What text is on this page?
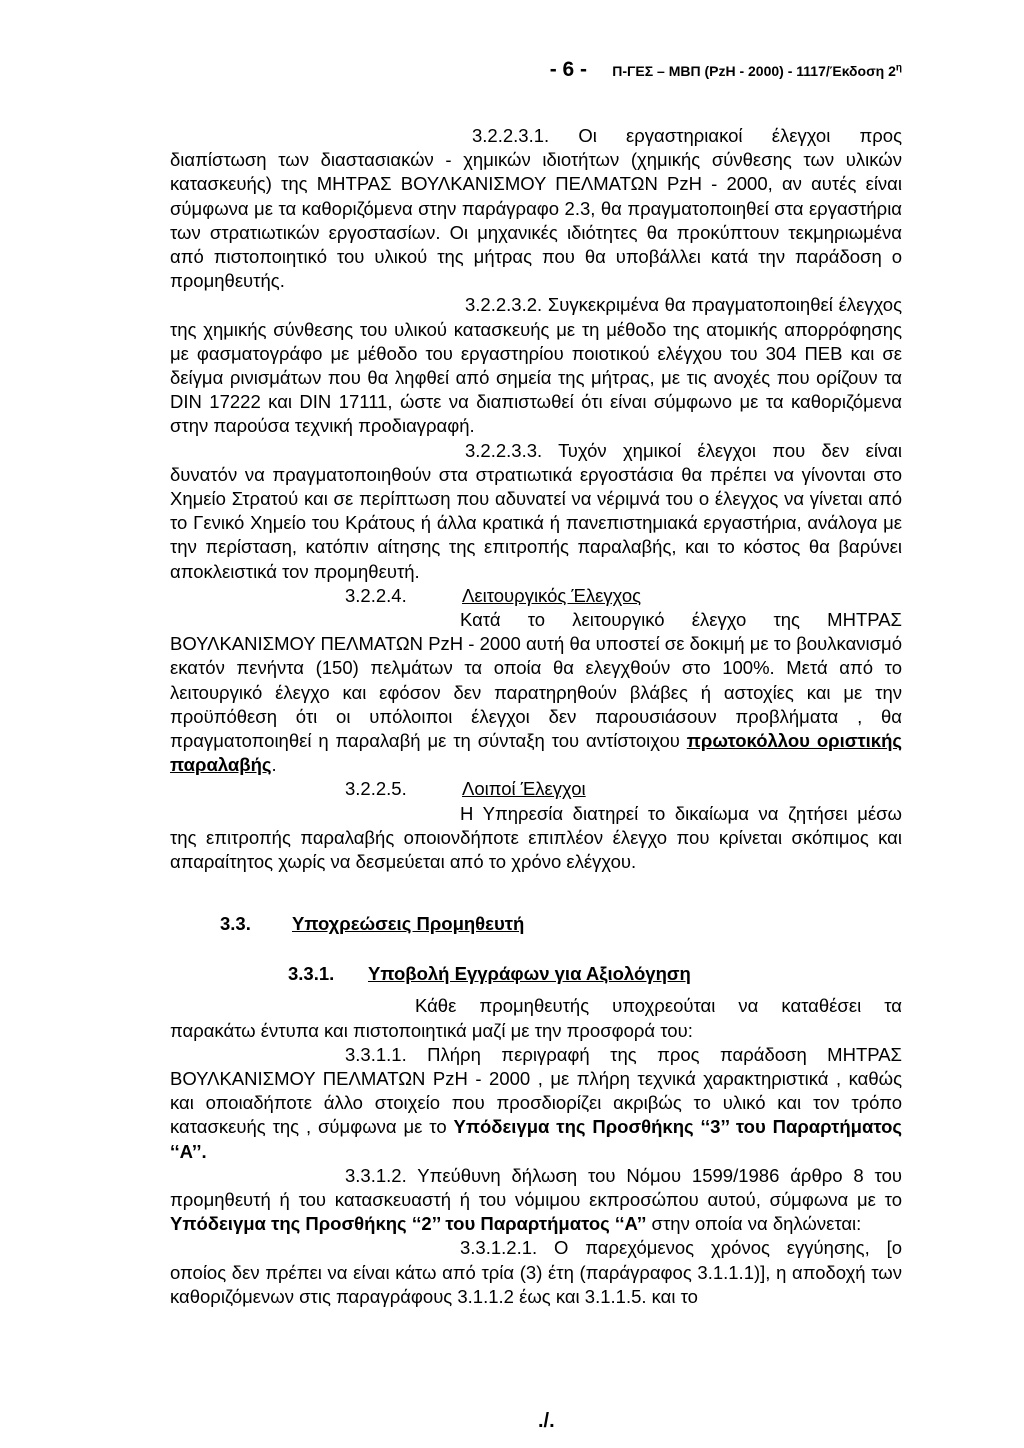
- 6 - Π-ΓΕΣ – ΜΒΠ (ΡzΗ - 2000) - 1117/Έκδοση $2^\eta$

3.2.2.3.1. Οι εργαστηριακοί έλεγχοι προς διαπίστωση των διαστασιακών - χημικών ιδιοτήτων (χημικής σύνθεσης των υλικών κατασκευής) της ΜΗΤΡΑΣ ΒΟΥΛΚΑΝΙΣΜΟΥ ΠΕΛΜΑΤΩΝ ΡzΗ - 2000, αν αυτές είναι σύμφωνα με τα καθοριζόμενα στην παράγραφο 2.3, θα πραγματοποιηθεί στα εργαστήρια των στρατιωτικών εργοστασίων. Οι μηχανικές ιδιότητες θα προκύπτουν τεκμηριωμένα από πιστοποιητικό του υλικού της μήτρας που θα υποβάλλει κατά την παράδοση ο προμηθευτής.

3.2.2.3.2. Συγκεκριμένα θα πραγματοποιηθεί έλεγχος της χημικής σύνθεσης του υλικού κατασκευής με τη μέθοδο της ατομικής απορρόφησης με φασματογράφο με μέθοδο του εργαστηρίου ποιοτικού ελέγχου του 304 ΠΕΒ και σε δείγμα ρινισμάτων που θα ληφθεί από σημεία της μήτρας, με τις ανοχές που ορίζουν τα DIN 17222 και DIN 17111, ώστε να διαπιστωθεί ότι είναι σύμφωνο με τα καθοριζόμενα στην παρούσα τεχνική προδιαγραφή.

3.2.2.3.3. Τυχόν χημικοί έλεγχοι που δεν είναι δυνατόν να πραγματοποιηθούν στα στρατιωτικά εργοστάσια θα πρέπει να γίνονται στο Χημείο Στρατού και σε περίπτωση που αδυνατεί να νέριμνά του ο έλεγχος να γίνεται από το Γενικό Χημείο του Κράτους ή άλλα κρατικά ή πανεπιστημιακά εργαστήρια, ανάλογα με την περίσταση, κατόπιν αίτησης της επιτροπής παραλαβής, και το κόστος θα βαρύνει αποκλειστικά τον προμηθευτή.

3.2.2.4.	Λειτουργικός Έλεγχος

Κατά το λειτουργικό έλεγχο της ΜΗΤΡΑΣ ΒΟΥΛΚΑΝΙΣΜΟΥ ΠΕΛΜΑΤΩΝ ΡzΗ - 2000 αυτή θα υποστεί σε δοκιμή με το βουλκανισμό εκατόν πενήντα (150) πελμάτων τα οποία θα ελεγχθούν στο 100%. Μετά από το λειτουργικό έλεγχο και εφόσον δεν παρατηρηθούν βλάβες ή αστοχίες και με την προϋπόθεση ότι οι υπόλοιποι έλεγχοι δεν παρουσιάσουν προβλήματα , θα πραγματοποιηθεί η παραλαβή με τη σύνταξη του αντίστοιχου πρωτοκόλλου οριστικής παραλαβής.

3.2.2.5.	Λοιποί Έλεγχοι

Η Υπηρεσία διατηρεί το δικαίωμα να ζητήσει μέσω της επιτροπής παραλαβής οποιονδήποτε επιπλέον έλεγχο που κρίνεται σκόπιμος και απαραίτητος χωρίς να δεσμεύεται από το χρόνο ελέγχου.

3.3. Υποχρεώσεις Προμηθευτή
3.3.1. Υποβολή Εγγράφων για Αξιολόγηση

Κάθε προμηθευτής υποχρεούται να καταθέσει τα παρακάτω έντυπα και πιστοποιητικά μαζί με την προσφορά του:

3.3.1.1. Πλήρη περιγραφή της προς παράδοση ΜΗΤΡΑΣ ΒΟΥΛΚΑΝΙΣΜΟΥ ΠΕΛΜΑΤΩΝ ΡzΗ - 2000 , με πλήρη τεχνικά χαρακτηριστικά , καθώς και οποιαδήποτε άλλο στοιχείο που προσδιορίζει ακριβώς το υλικό και τον τρόπο κατασκευής της , σύμφωνα με το Υπόδειγμα της Προσθήκης ‘‘3’’ του Παραρτήματος ‘‘Α’’.

3.3.1.2. Υπεύθυνη δήλωση του Νόμου 1599/1986 άρθρο 8 του προμηθευτή ή του κατασκευαστή ή του νόμιμου εκπροσώπου αυτού, σύμφωνα με το Υπόδειγμα της Προσθήκης ‘‘2’’ του Παραρτήματος ‘‘Α’’ στην οποία να δηλώνεται:

3.3.1.2.1. Ο παρεχόμενος χρόνος εγγύησης, [ο οποίος δεν πρέπει να είναι κάτω από τρία (3) έτη (παράγραφος 3.1.1.1)], η αποδοχή των καθοριζόμενων στις παραγράφους 3.1.1.2 έως και 3.1.1.5. και το

./.
